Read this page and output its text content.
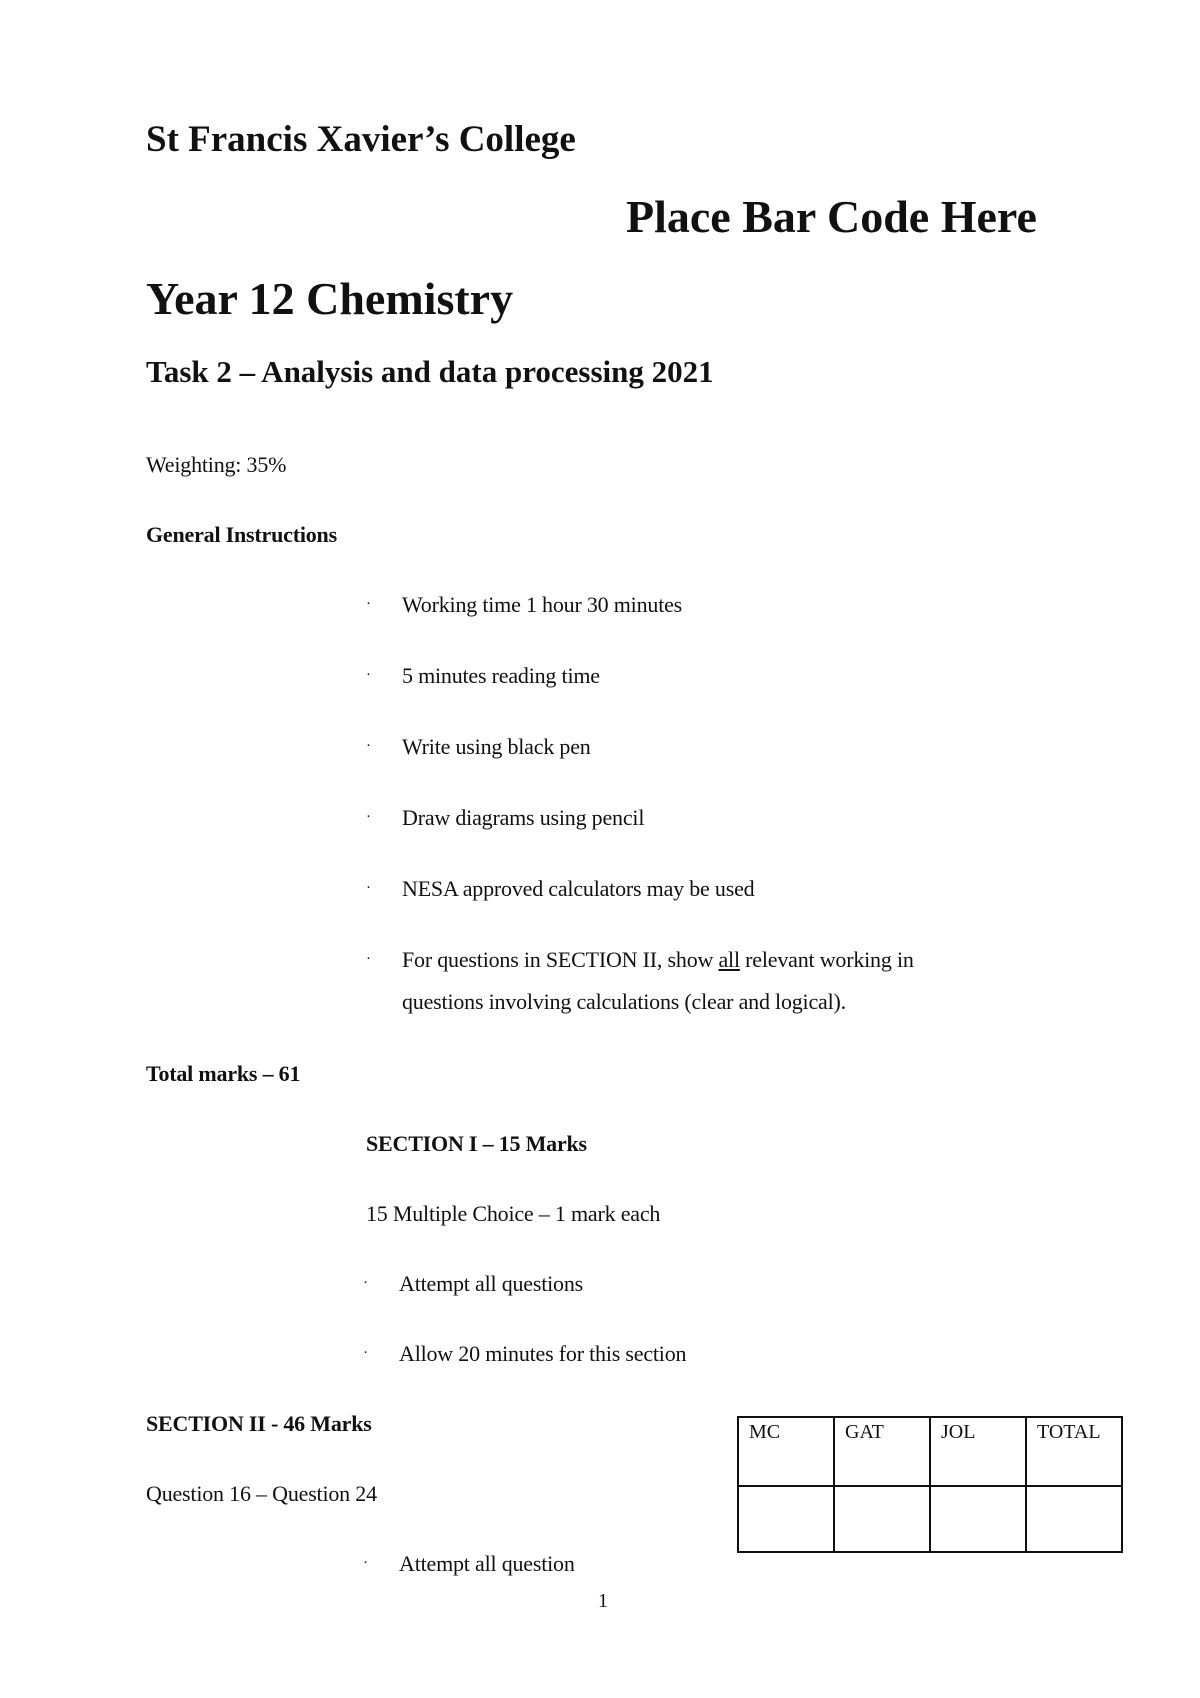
St Francis Xavier’s College
Place Bar Code Here
Year 12 Chemistry
Task 2 – Analysis and data processing 2021
Weighting: 35%
General Instructions
· Working time 1 hour 30 minutes
· 5 minutes reading time
· Write using black pen
· Draw diagrams using pencil
· NESA approved calculators may be used
· For questions in SECTION II, show all relevant working in
questions involving calculations (clear and logical).
Total marks – 61
SECTION I – 15 Marks
15 Multiple Choice – 1 mark each
· Attempt all questions
· Allow 20 minutes for this section
SECTION II - 46 Marks
Question 16 – Question 24
· Attempt all question
MC	GAT	JOL	TOTAL

1
